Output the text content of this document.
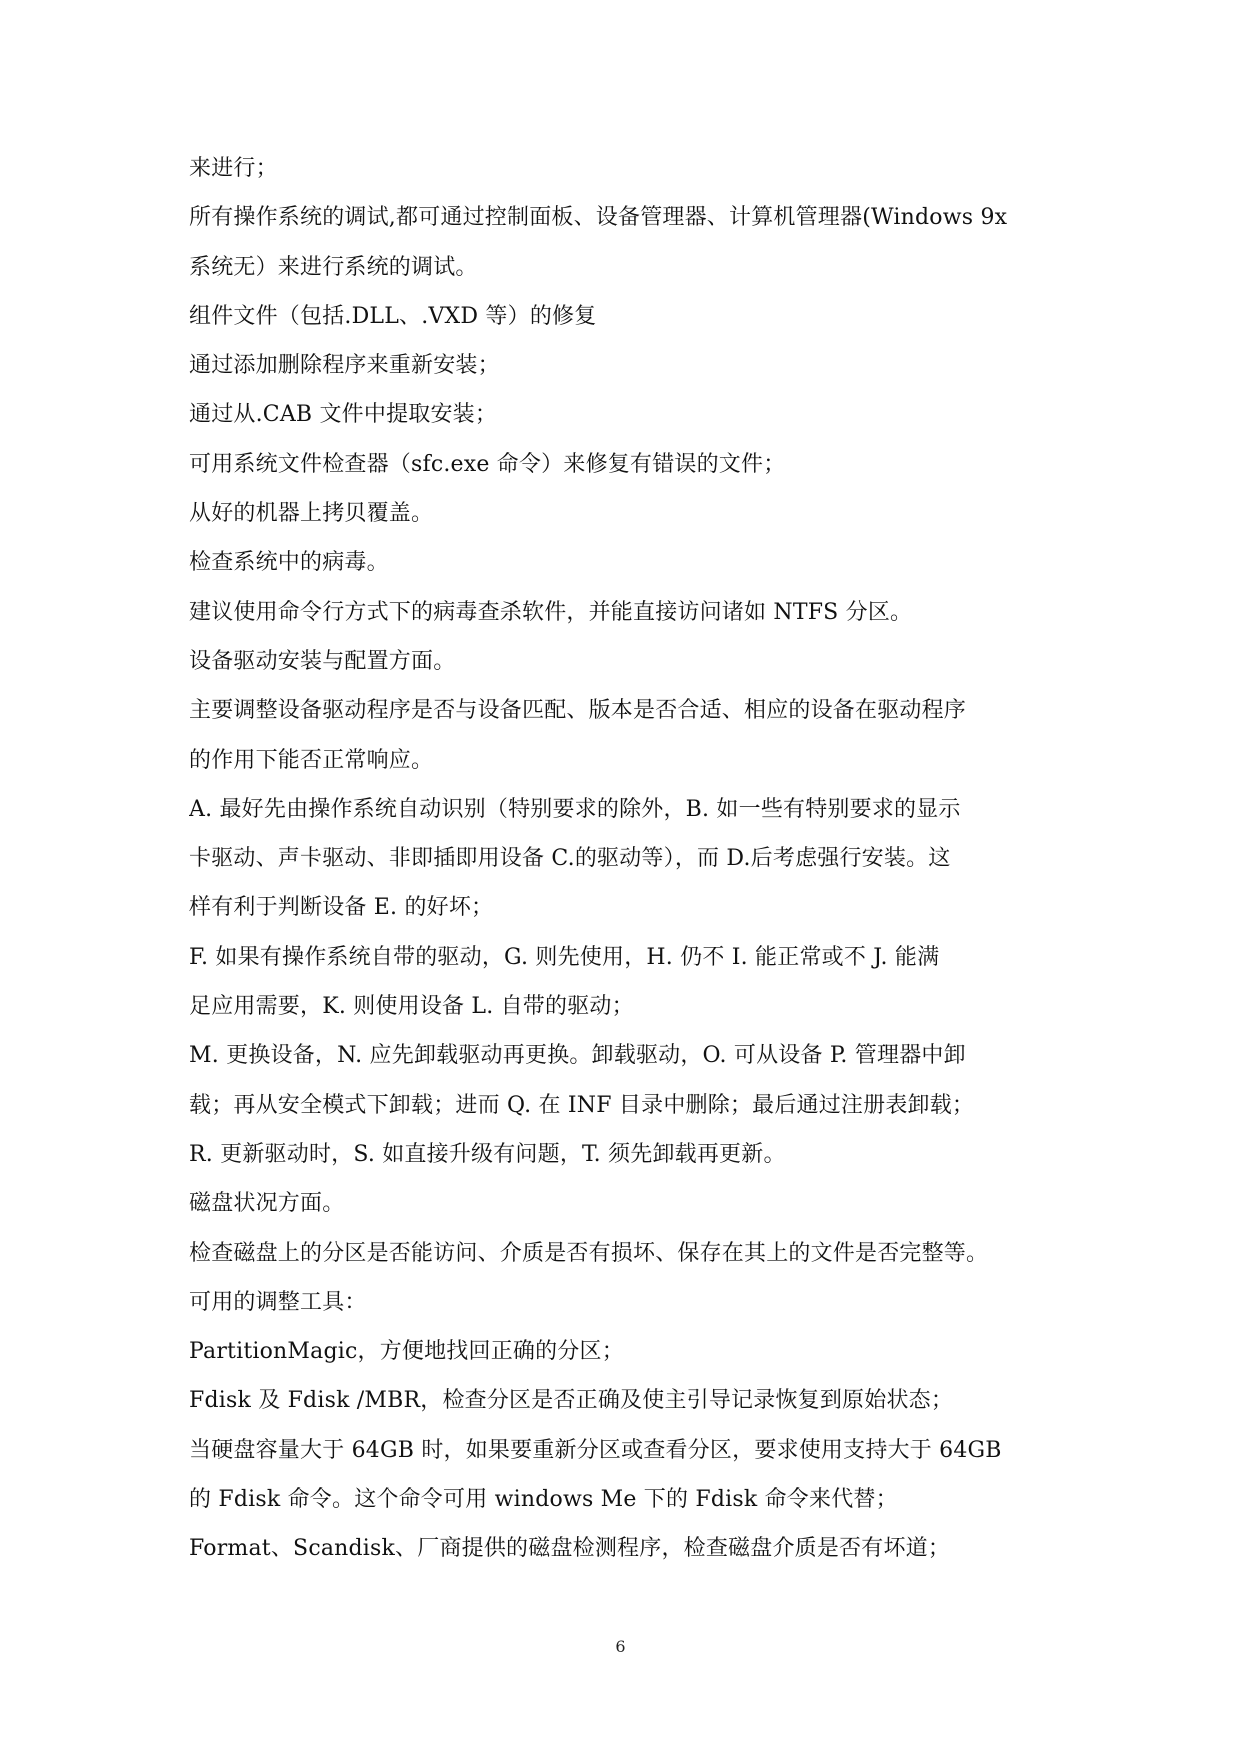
来进行；

所有操作系统的调试,都可通过控制面板、设备管理器、计算机管理器(Windows 9x

系统无）来进行系统的调试。

组件文件（包括.DLL、.VXD 等）的修复

通过添加删除程序来重新安装；

通过从.CAB 文件中提取安装；

可用系统文件检查器（sfc.exe 命令）来修复有错误的文件；

从好的机器上拷贝覆盖。

检查系统中的病毒。

建议使用命令行方式下的病毒查杀软件，并能直接访问诸如 NTFS 分区。

设备驱动安装与配置方面。

主要调整设备驱动程序是否与设备匹配、版本是否合适、相应的设备在驱动程序

的作用下能否正常响应。

A. 最好先由操作系统自动识别（特别要求的除外，B. 如一些有特别要求的显示

卡驱动、声卡驱动、非即插即用设备 C.的驱动等），而 D.后考虑强行安装。这

样有利于判断设备 E. 的好坏；

F. 如果有操作系统自带的驱动，G. 则先使用，H. 仍不 I. 能正常或不 J. 能满

足应用需要，K. 则使用设备 L. 自带的驱动；

M. 更换设备，N. 应先卸载驱动再更换。卸载驱动，O. 可从设备 P. 管理器中卸

载；再从安全模式下卸载；进而 Q. 在 INF 目录中删除；最后通过注册表卸载；

R. 更新驱动时，S. 如直接升级有问题，T. 须先卸载再更新。

磁盘状况方面。

检查磁盘上的分区是否能访问、介质是否有损坏、保存在其上的文件是否完整等。

可用的调整工具：

PartitionMagic，方便地找回正确的分区；

Fdisk 及 Fdisk /MBR，检查分区是否正确及使主引导记录恢复到原始状态；

当硬盘容量大于 64GB 时，如果要重新分区或查看分区，要求使用支持大于 64GB

的 Fdisk 命令。这个命令可用 windows Me 下的 Fdisk 命令来代替；

Format、Scandisk、厂商提供的磁盘检测程序，检查磁盘介质是否有坏道；

6
